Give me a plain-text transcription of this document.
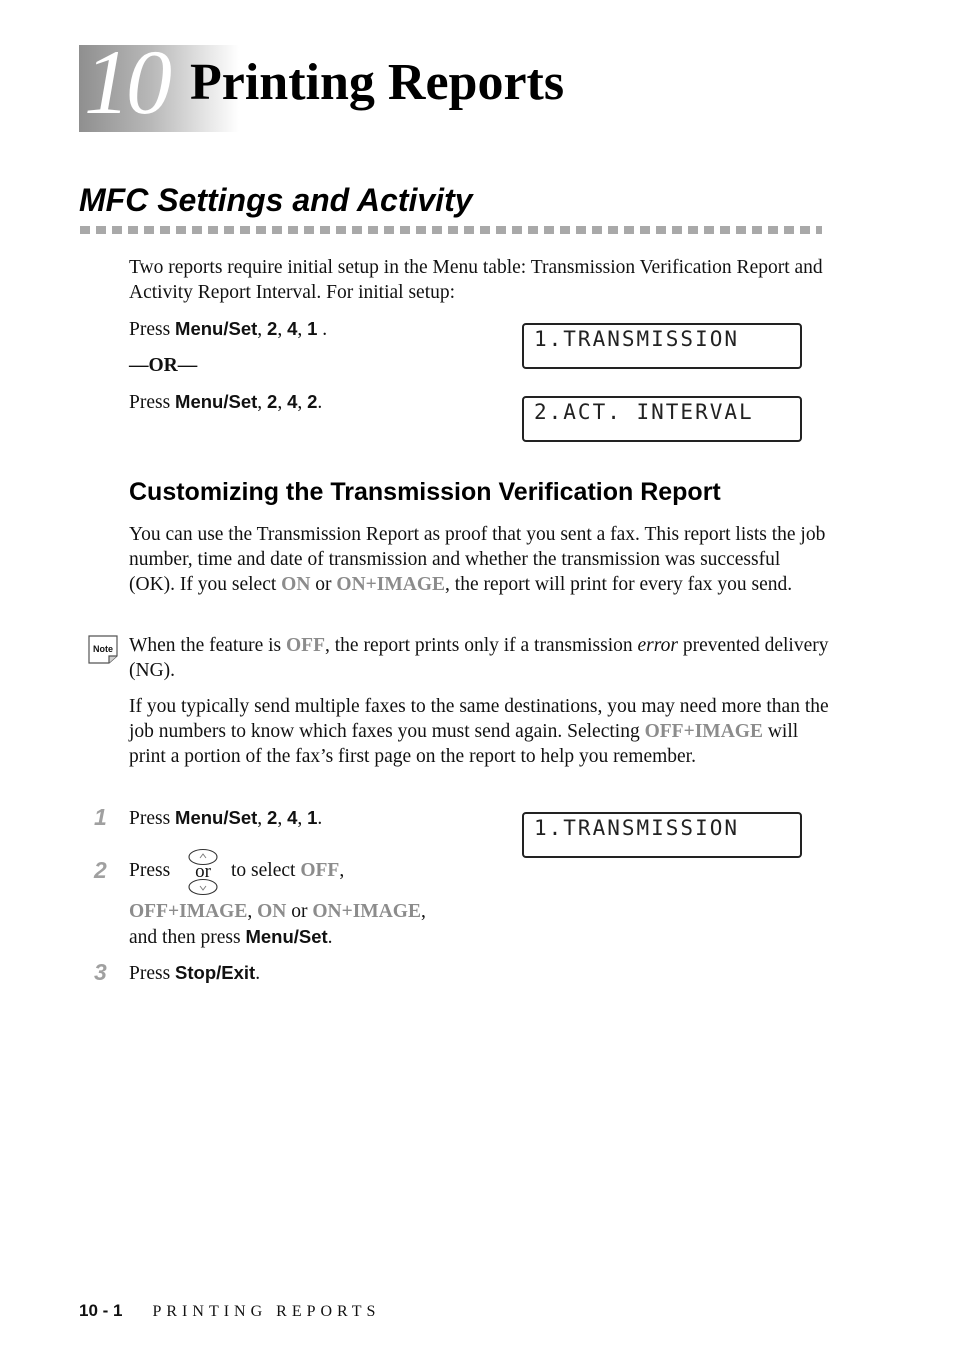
10 Printing Reports
MFC Settings and Activity
Two reports require initial setup in the Menu table: Transmission Verification Report and Activity Report Interval. For initial setup:
Press Menu/Set, 2, 4, 1 .
—OR—
Press Menu/Set, 2, 4, 2.
1.TRANSMISSION
2.ACT. INTERVAL
Customizing the Transmission Verification Report
You can use the Transmission Report as proof that you sent a fax. This report lists the job number, time and date of transmission and whether the transmission was successful (OK). If you select ON or ON+IMAGE, the report will print for every fax you send.
Note When the feature is OFF, the report prints only if a transmission error prevented delivery (NG).
If you typically send multiple faxes to the same destinations, you may need more than the job numbers to know which faxes you must send again. Selecting OFF+IMAGE will print a portion of the fax’s first page on the report to help you remember.
1 Press Menu/Set, 2, 4, 1.	1.TRANSMISSION
2 Press	or to select OFF,
OFF+IMAGE, ON or ON+IMAGE,
and then press Menu/Set.
3 Press Stop/Exit.
10 - 1 PRINTING REPORTS
